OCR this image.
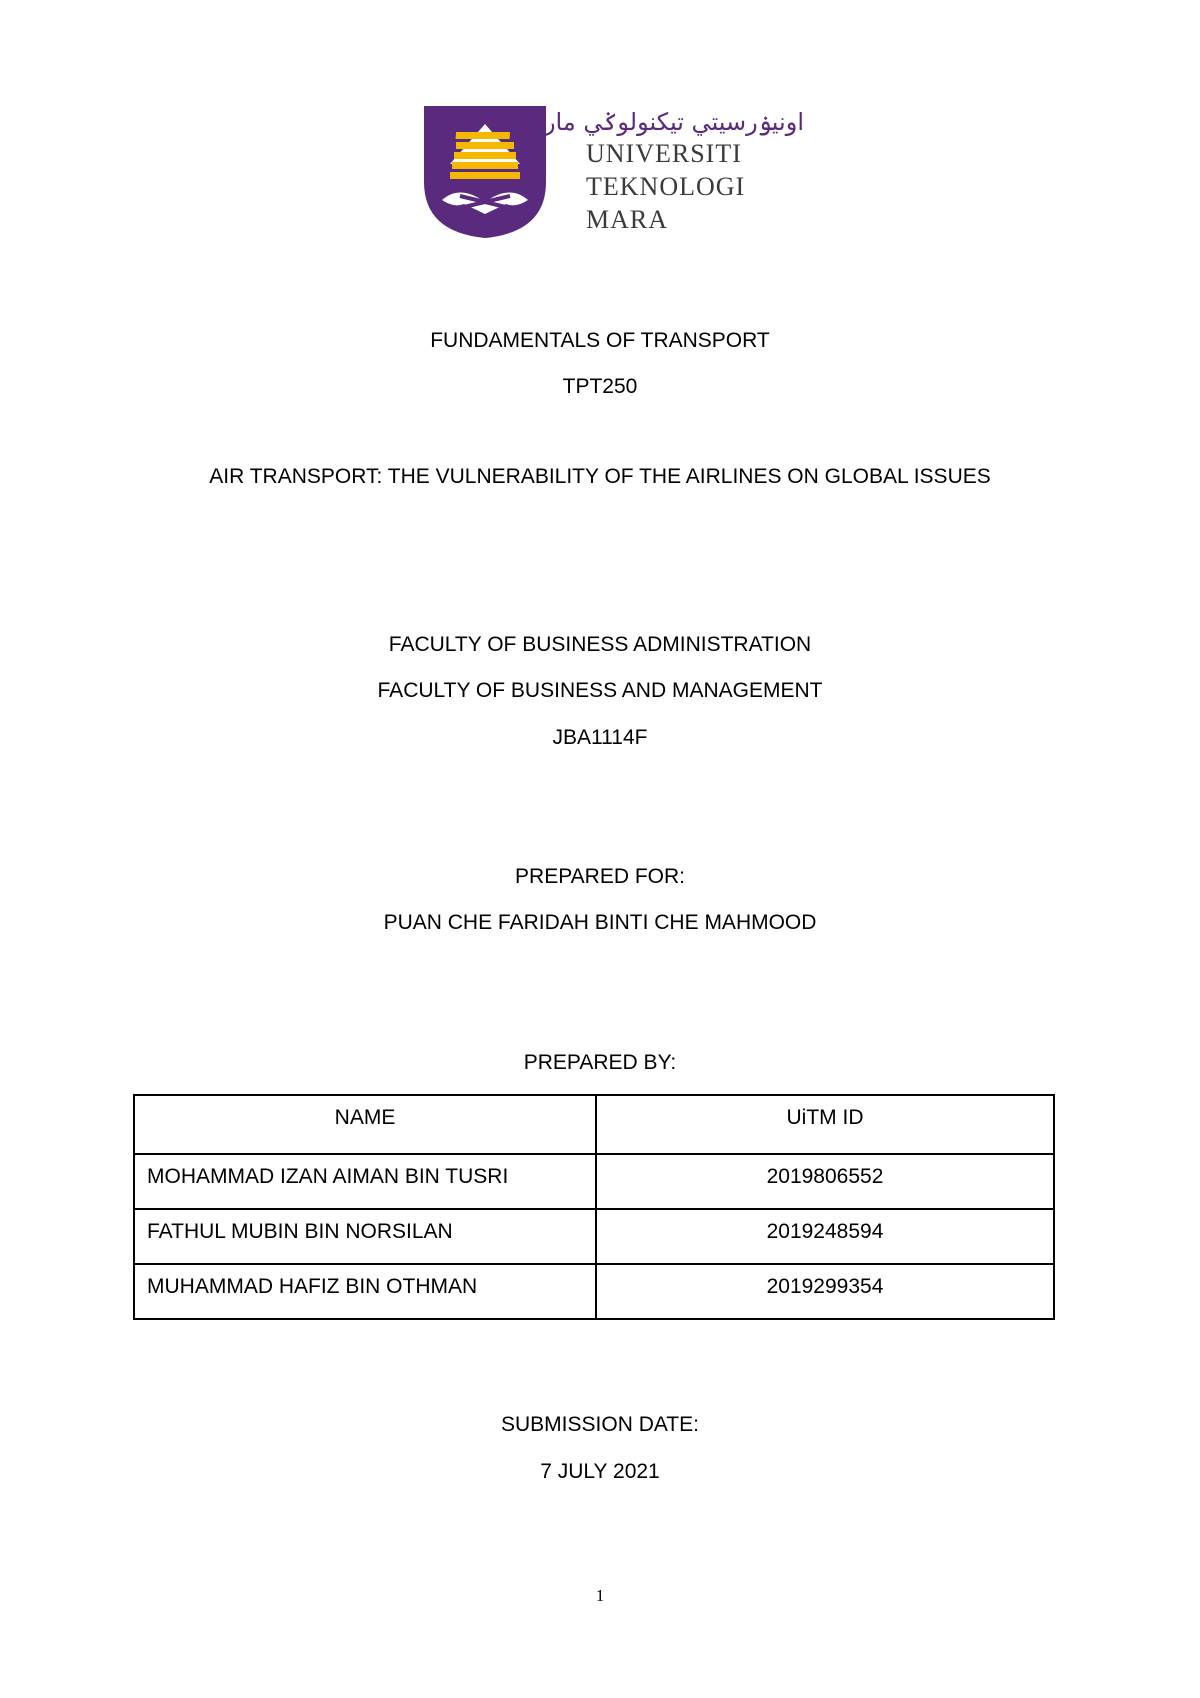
اونيۏرسيتي تيكنولوݢي مارا
UNIVERSITI
TEKNOLOGI
MARA
FUNDAMENTALS OF TRANSPORT
TPT250
AIR TRANSPORT: THE VULNERABILITY OF THE AIRLINES ON GLOBAL ISSUES
FACULTY OF BUSINESS ADMINISTRATION
FACULTY OF BUSINESS AND MANAGEMENT
JBA1114F
PREPARED FOR:
PUAN CHE FARIDAH BINTI CHE MAHMOOD
PREPARED BY:
NAME	UiTM ID
MOHAMMAD IZAN AIMAN BIN TUSRI	2019806552
FATHUL MUBIN BIN NORSILAN	2019248594
MUHAMMAD HAFIZ BIN OTHMAN	2019299354
SUBMISSION DATE:
7 JULY 2021
1
